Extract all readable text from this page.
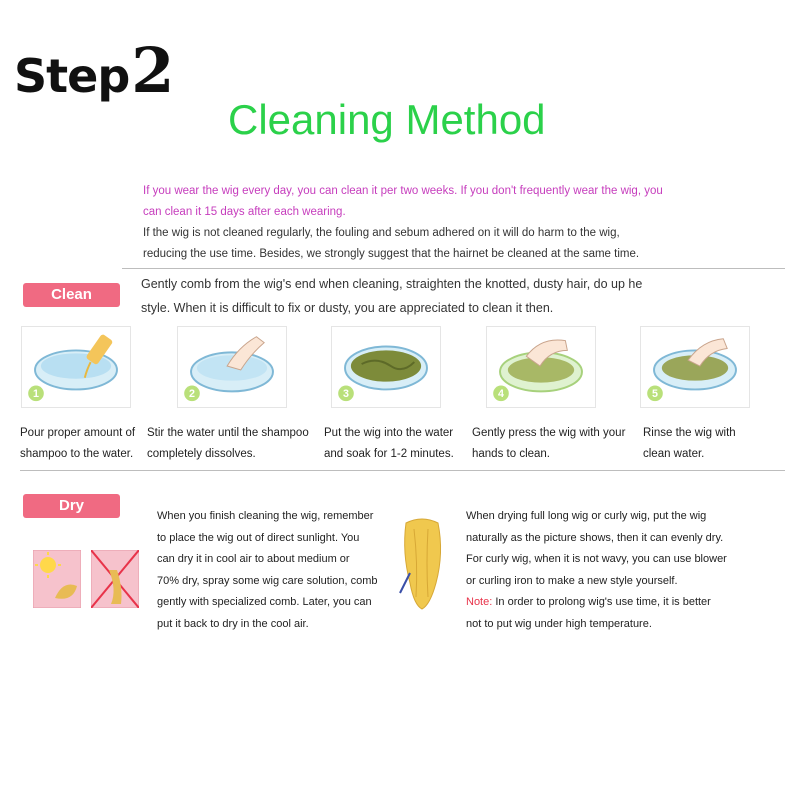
Step2
Cleaning Method

If you wear the wig every day, you can clean it per two weeks. If you don't frequently wear the wig, you

can clean it 15 days after each wearing.

If the wig is not cleaned regularly, the fouling and sebum adhered on it will do harm to the wig,

reducing the use time. Besides, we strongly suggest that the hairnet be cleaned at the same time.

Clean
Gently comb from the wig's end when cleaning, straighten the knotted, dusty hair, do up he
style. When it is difficult to fix or dusty, you are appreciated to clean it then.
1	2	3	4	5
Pour proper amount of
shampoo to the water.
Stir the water until the shampoo
completely dissolves.
Put the wig into the water
and soak for 1-2 minutes.
Gently press the wig with your
hands to clean.
Rinse the wig with
clean water.
Dry
When you finish cleaning the wig, remember
to place the wig out of direct sunlight. You
can dry it in cool air to about medium or
70% dry, spray some wig care solution, comb
gently with specialized comb. Later, you can
put it back to dry in the cool air.
When drying full long wig or curly wig, put the wig
naturally as the picture shows, then it can evenly dry.
For curly wig, when it is not wavy, you can use blower
or curling iron to make a new style yourself.
Note: In order to prolong wig's use time, it is better
not to put wig under high temperature.
